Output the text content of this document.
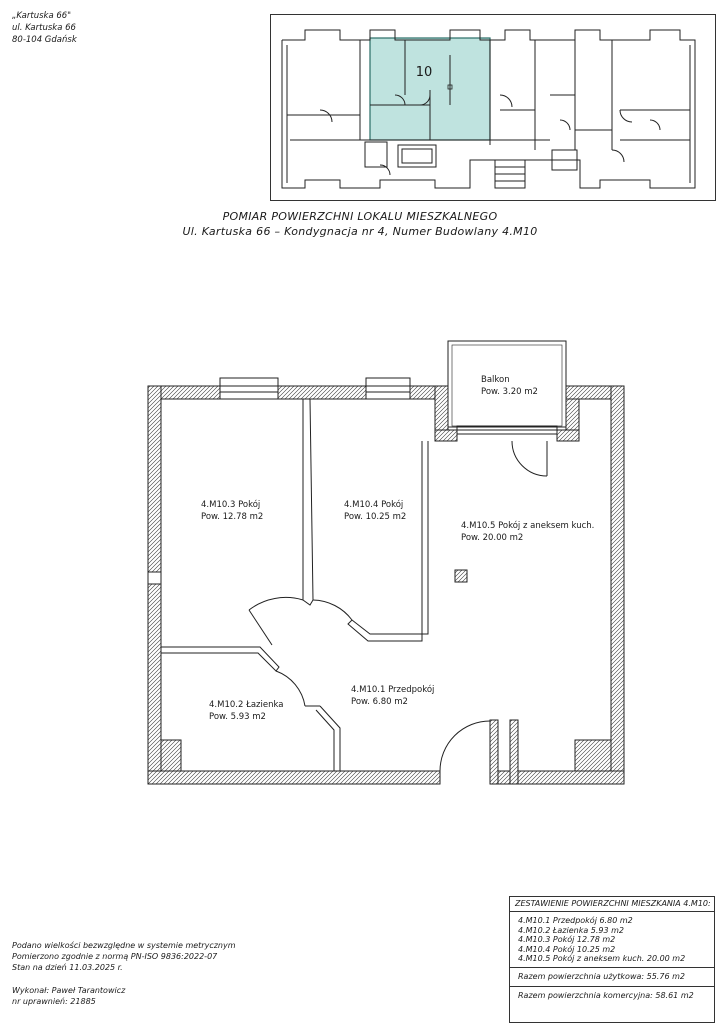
„Kartuska 66"
ul. Kartuska 66
80-104 Gdańsk
10
POMIAR POWIERZCHNI LOKALU MIESZKALNEGO
Ul. Kartuska 66 – Kondygnacja nr 4, Numer Budowlany 4.M10
Balkon
Pow. 3.20 m2
4.M10.3 Pokój
Pow. 12.78 m2
4.M10.4 Pokój
Pow. 10.25 m2
4.M10.5 Pokój z aneksem kuch.
Pow. 20.00 m2
4.M10.2 Łazienka
Pow. 5.93 m2
4.M10.1 Przedpokój
Pow. 6.80 m2
ZESTAWIENIE POWIERZCHNI MIESZKANIA 4.M10:
4.M10.1 Przedpokój 6.80 m2
4.M10.2 Łazienka 5.93 m2
4.M10.3 Pokój 12.78 m2
4.M10.4 Pokój 10.25 m2
4.M10.5 Pokój z aneksem kuch. 20.00 m2
Razem powierzchnia użytkowa: 55.76 m2
Razem powierzchnia komercyjna: 58.61 m2
Podano wielkości bezwzględne w systemie metrycznym
Pomierzono zgodnie z normą PN-ISO 9836:2022-07
Stan na dzień 11.03.2025 r.
Wykonał: Paweł Tarantowicz
nr uprawnień: 21885
